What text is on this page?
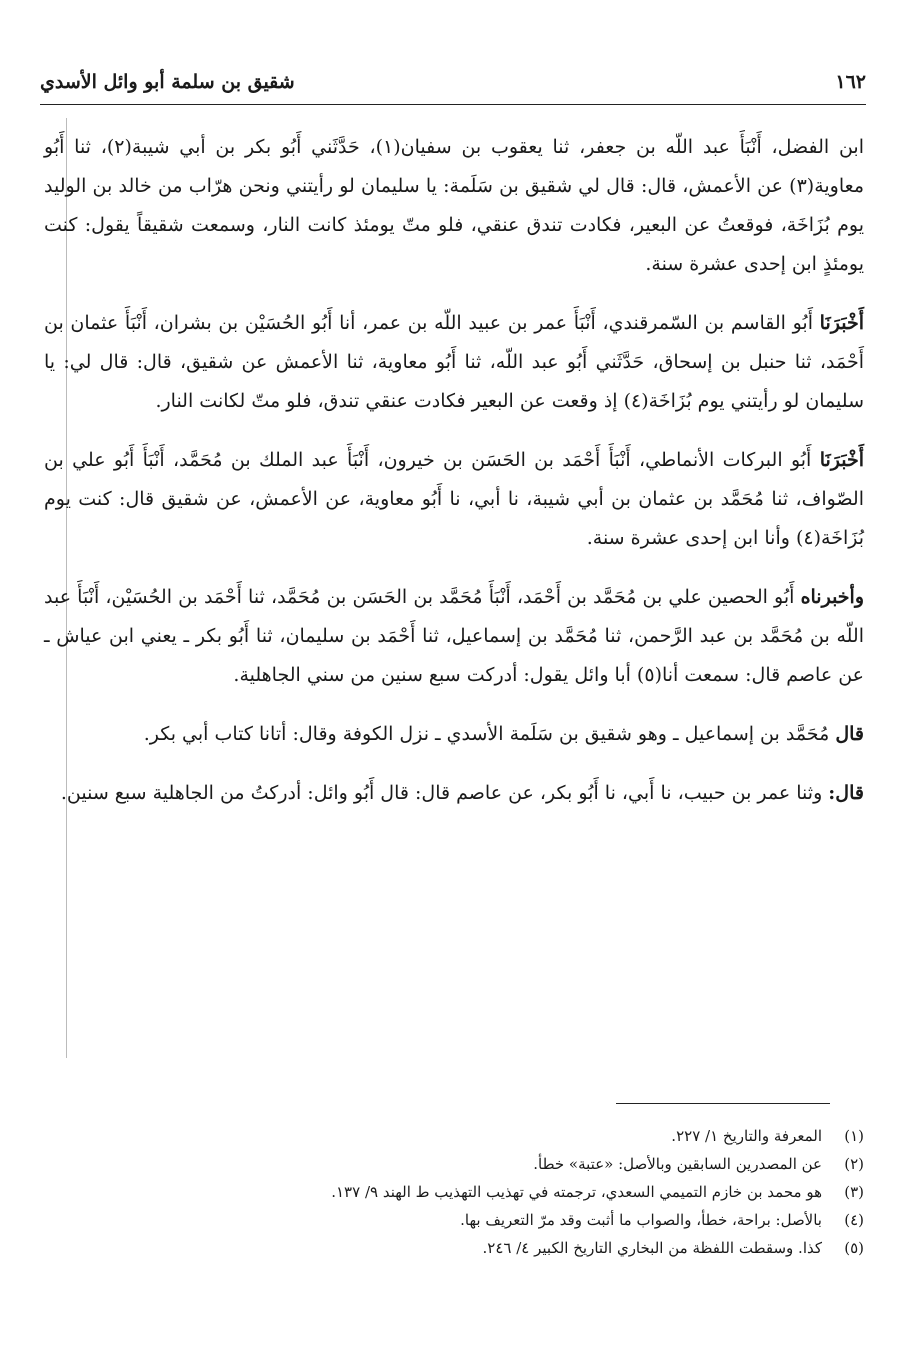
١٦٢
شقيق بن سلمة أبو وائل الأسدي

ابن الفضل، أَنْبَأَ عبد اللّه بن جعفر، ثنا يعقوب بن سفيان(١)، حَدَّثَني أَبُو بكر بن أبي شيبة(٢)، ثنا أَبُو معاوية(٣) عن الأعمش، قال: قال لي شقيق بن سَلَمة: يا سليمان لو رأيتني ونحن هرّاب من خالد بن الوليد يوم بُزَاخَة، فوقعتُ عن البعير، فكادت تندق عنقي، فلو متّ يومئذ كانت النار، وسمعت شقيقاً يقول: كنت يومئذٍ ابن إحدى عشرة سنة.

أَخْبَرَنَا أَبُو القاسم بن السّمرقندي، أَنْبَأَ عمر بن عبيد اللّه بن عمر، أنا أَبُو الحُسَيْن بن بشران، أَنْبَأَ عثمان بن أَحْمَد، ثنا حنبل بن إسحاق، حَدَّثَني أَبُو عبد اللّه، ثنا أَبُو معاوية، ثنا الأعمش عن شقيق، قال: قال لي: يا سليمان لو رأيتني يوم بُزَاخَة(٤) إذ وقعت عن البعير فكادت عنقي تندق، فلو متّ لكانت النار.

أَخْبَرَنَا أَبُو البركات الأنماطي، أَنْبَأَ أَحْمَد بن الحَسَن بن خيرون، أَنْبَأَ عبد الملك بن مُحَمَّد، أَنْبَأَ أَبُو علي بن الصّواف، ثنا مُحَمَّد بن عثمان بن أبي شيبة، نا أبي، نا أَبُو معاوية، عن الأعمش، عن شقيق قال: كنت يوم بُزَاخَة(٤) وأنا ابن إحدى عشرة سنة.

وأخبرناه أَبُو الحصين علي بن مُحَمَّد بن أَحْمَد، أَنْبَأَ مُحَمَّد بن الحَسَن بن مُحَمَّد، ثنا أَحْمَد بن الحُسَيْن، أَنْبَأَ عبد اللّه بن مُحَمَّد بن عبد الرَّحمن، ثنا مُحَمَّد بن إسماعيل، ثنا أَحْمَد بن سليمان، ثنا أَبُو بكر ـ يعني ابن عياش ـ عن عاصم قال: سمعت أنا(٥) أبا وائل يقول: أدركت سبع سنين من سني الجاهلية.

قال مُحَمَّد بن إسماعيل ـ وهو شقيق بن سَلَمة الأسدي ـ نزل الكوفة وقال: أتانا كتاب أبي بكر.

قال: وثنا عمر بن حبيب، نا أَبي، نا أَبُو بكر، عن عاصم قال: قال أَبُو وائل: أدركتُ من الجاهلية سبع سنين.

(١)
المعرفة والتاريخ ١/ ٢٢٧.
(٢)
عن المصدرين السابقين وبالأصل: «عتبة» خطأ.
(٣)
هو محمد بن خازم التميمي السعدي، ترجمته في تهذيب التهذيب ط الهند ٩/ ١٣٧.
(٤)
بالأصل: براحة، خطأ، والصواب ما أثبت وقد مرّ التعريف بها.
(٥)
كذا. وسقطت اللفظة من البخاري التاريخ الكبير ٤/ ٢٤٦.
